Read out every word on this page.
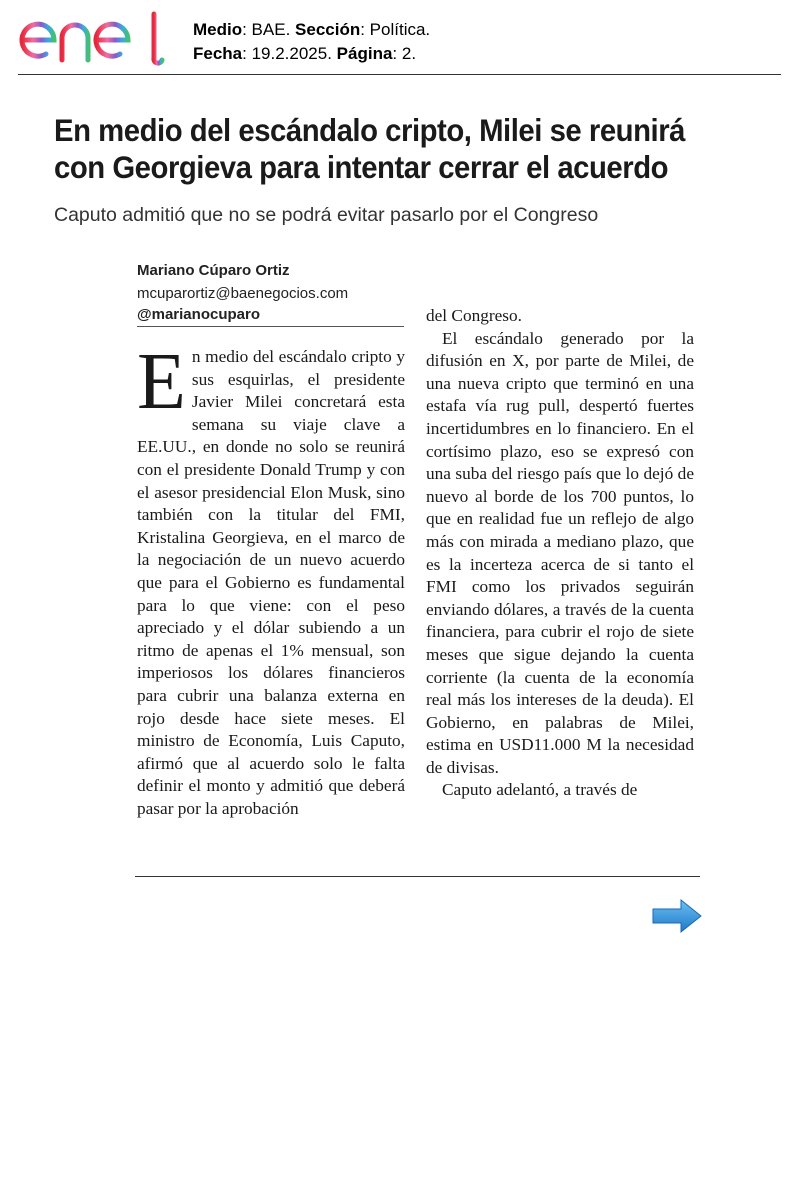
Medio: BAE. Sección: Política.
Fecha: 19.2.2025. Página: 2.
En medio del escándalo cripto, Milei se reunirá
con Georgieva para intentar cerrar el acuerdo

Caputo admitió que no se podrá evitar pasarlo por el Congreso

Mariano Cúparo Ortiz
mcuparortiz@baenegocios.com
@marianocuparo
E n medio del escándalo cripto y sus esquirlas, el presidente Javier Milei concretará esta semana su viaje clave a EE.UU., en donde no solo se reunirá con el presidente Donald Trump y con el asesor presidencial Elon Musk, sino también con la titular del FMI, Kristalina Georgieva, en el marco de la negociación de un nuevo acuerdo que para el Gobierno es fundamental para lo que viene: con el peso apreciado y el dólar subiendo a un ritmo de apenas el 1% mensual, son imperiosos los dólares financieros para cubrir una balanza externa en rojo desde hace siete meses. El ministro de Economía, Luis Caputo, afirmó que al acuerdo solo le falta definir el monto y admitió que deberá pasar por la aprobación

del Congreso.

El escándalo generado por la difusión en X, por parte de Milei, de una nueva cripto que terminó en una estafa vía rug pull, despertó fuertes incertidumbres en lo financiero. En el cortísimo plazo, eso se expresó con una suba del riesgo país que lo dejó de nuevo al borde de los 700 puntos, lo que en realidad fue un reflejo de algo más con mirada a mediano plazo, que es la incerteza acerca de si tanto el FMI como los privados seguirán enviando dólares, a través de la cuenta financiera, para cubrir el rojo de siete meses que sigue dejando la cuenta corriente (la cuenta de la economía real más los intereses de la deuda). El Gobierno, en palabras de Milei, estima en USD11.000 M la necesidad de divisas.

Caputo adelantó, a través de
